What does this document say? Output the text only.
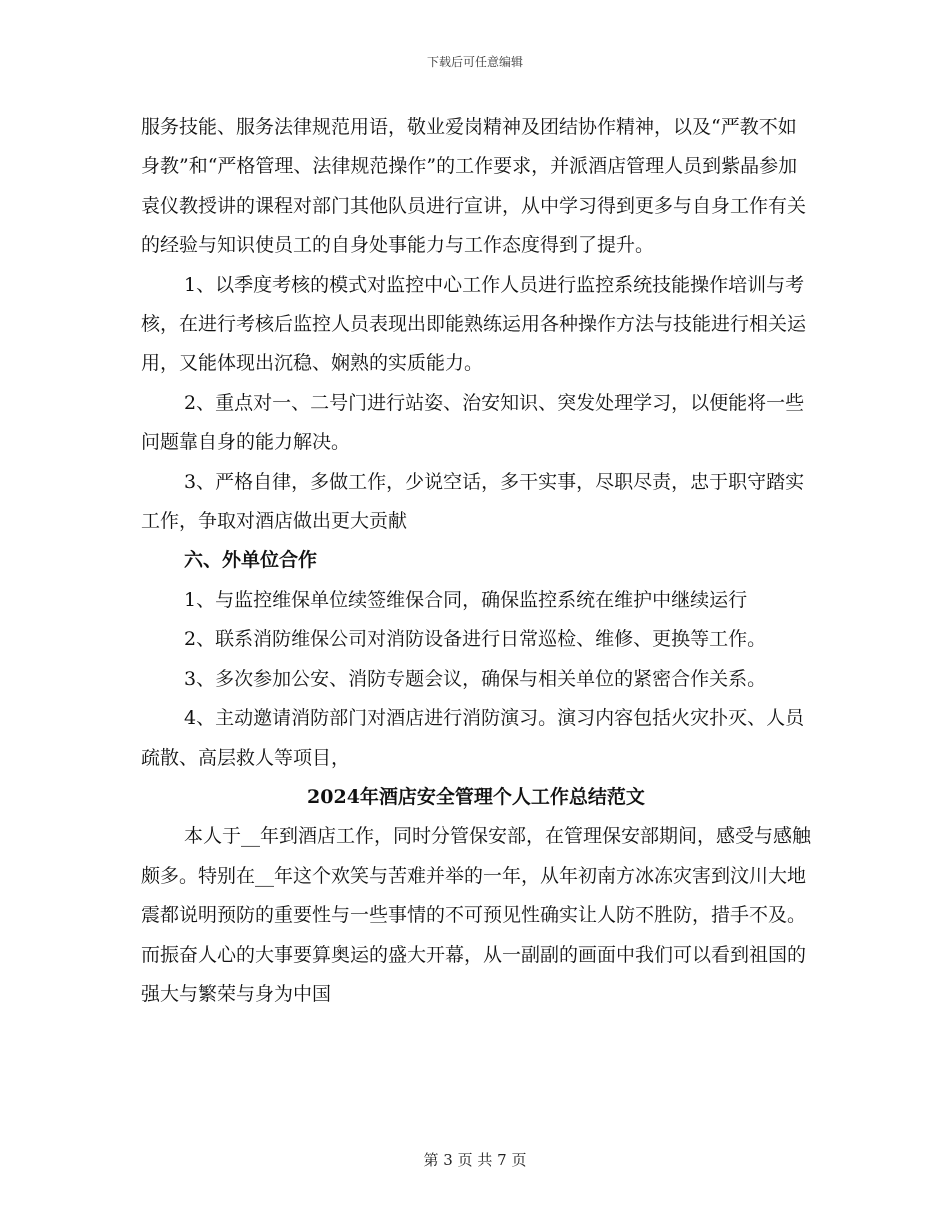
下载后可任意编辑

服务技能、服务法律规范用语，敬业爱岗精神及团结协作精神，以及“严教不如身教”和“严格管理、法律规范操作”的工作要求，并派酒店管理人员到紫晶参加袁仪教授讲的课程对部门其他队员进行宣讲，从中学习得到更多与自身工作有关的经验与知识使员工的自身处事能力与工作态度得到了提升。

1、以季度考核的模式对监控中心工作人员进行监控系统技能操作培训与考核，在进行考核后监控人员表现出即能熟练运用各种操作方法与技能进行相关运用，又能体现出沉稳、娴熟的实质能力。

2、重点对一、二号门进行站姿、治安知识、突发处理学习，以便能将一些问题靠自身的能力解决。

3、严格自律，多做工作，少说空话，多干实事，尽职尽责，忠于职守踏实工作，争取对酒店做出更大贡献

六、外单位合作

1、与监控维保单位续签维保合同，确保监控系统在维护中继续运行

2、联系消防维保公司对消防设备进行日常巡检、维修、更换等工作。

3、多次参加公安、消防专题会议，确保与相关单位的紧密合作关系。

4、主动邀请消防部门对酒店进行消防演习。演习内容包括火灾扑灭、人员疏散、高层救人等项目，

2024年酒店安全管理个人工作总结范文

本人于__年到酒店工作，同时分管保安部，在管理保安部期间，感受与感触颇多。特别在__年这个欢笑与苦难并举的一年，从年初南方冰冻灾害到汶川大地震都说明预防的重要性与一些事情的不可预见性确实让人防不胜防，措手不及。而振奋人心的大事要算奥运的盛大开幕，从一副副的画面中我们可以看到祖国的强大与繁荣与身为中国

第 3 页 共 7 页
